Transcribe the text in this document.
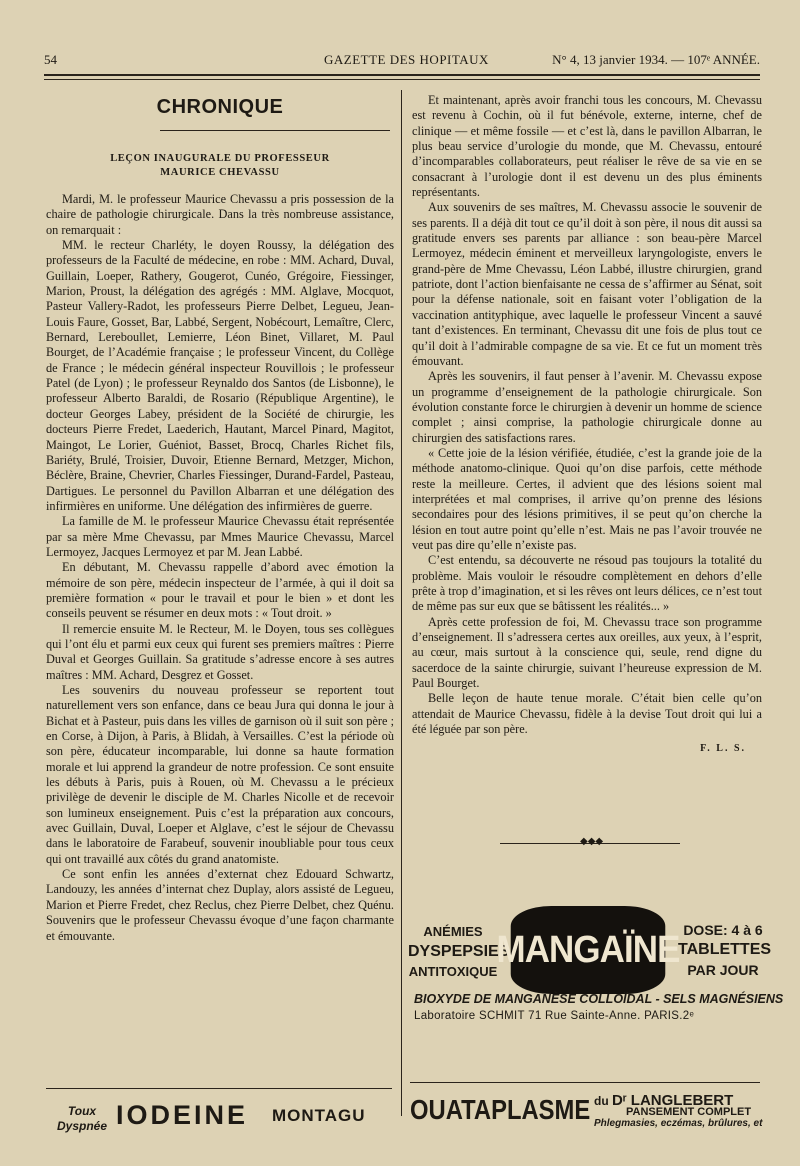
54	GAZETTE DES HOPITAUX	N° 4, 13 janvier 1934. — 107ᵉ ANNÉE.
CHRONIQUE
LEÇON INAUGURALE DU PROFESSEUR
MAURICE CHEVASSU

Mardi, M. le professeur Maurice Chevassu a pris possession de la chaire de pathologie chirurgicale. Dans la très nombreuse assistance, on remarquait :

MM. le recteur Charléty, le doyen Roussy, la délégation des professeurs de la Faculté de médecine, en robe : MM. Achard, Duval, Guillain, Loeper, Rathery, Gougerot, Cunéo, Grégoire, Fiessinger, Marion, Proust, la délégation des agrégés : MM. Alglave, Mocquot, Pasteur Vallery-Radot, les professeurs Pierre Delbet, Legueu, Jean-Louis Faure, Gosset, Bar, Labbé, Sergent, Nobécourt, Lemaître, Clerc, Bernard, Lereboullet, Lemierre, Léon Binet, Villaret, M. Paul Bourget, de l’Académie française ; le professeur Vincent, du Collège de France ; le médecin général inspecteur Rouvillois ; le professeur Patel (de Lyon) ; le professeur Reynaldo dos Santos (de Lisbonne), le professeur Alberto Baraldi, de Rosario (République Argentine), le docteur Georges Labey, président de la Société de chirurgie, les docteurs Pierre Fredet, Laederich, Hautant, Marcel Pinard, Magitot, Maingot, Le Lorier, Guéniot, Basset, Brocq, Charles Richet fils, Bariéty, Brulé, Troisier, Duvoir, Etienne Bernard, Metzger, Michon, Béclère, Braine, Chevrier, Charles Fiessinger, Durand-Fardel, Pasteau, Dartigues. Le personnel du Pavillon Albarran et une délégation des infirmières en uniforme. Une délégation des infirmières de guerre.

La famille de M. le professeur Maurice Chevassu était représentée par sa mère Mme Chevassu, par Mmes Maurice Chevassu, Marcel Lermoyez, Jacques Lermoyez et par M. Jean Labbé.

En débutant, M. Chevassu rappelle d’abord avec émotion la mémoire de son père, médecin inspecteur de l’armée, à qui il doit sa première formation « pour le travail et pour le bien » et dont les conseils peuvent se résumer en deux mots : « Tout droit. »

Il remercie ensuite M. le Recteur, M. le Doyen, tous ses collègues qui l’ont élu et parmi eux ceux qui furent ses premiers maîtres : Pierre Duval et Georges Guillain. Sa gratitude s’adresse encore à ses autres maîtres : MM. Achard, Desgrez et Gosset.

Les souvenirs du nouveau professeur se reportent tout naturellement vers son enfance, dans ce beau Jura qui donna le jour à Bichat et à Pasteur, puis dans les villes de garnison où il suit son père ; en Corse, à Dijon, à Paris, à Blidah, à Versailles. C’est la période où son père, éducateur incomparable, lui donne sa haute formation morale et lui apprend la grandeur de notre profession. Ce sont ensuite les débuts à Paris, puis à Rouen, où M. Chevassu a le précieux privilège de devenir le disciple de M. Charles Nicolle et de recevoir son lumineux enseignement. Puis c’est la préparation aux concours, avec Guillain, Duval, Loeper et Alglave, c’est le séjour de Chevassu dans le laboratoire de Farabeuf, souvenir inoubliable pour tous ceux qui ont travaillé aux côtés du grand anatomiste.

Ce sont enfin les années d’externat chez Edouard Schwartz, Landouzy, les années d’internat chez Duplay, alors assisté de Legueu, Marion et Pierre Fredet, chez Reclus, chez Pierre Delbet, chez Quénu. Souvenirs que le professeur Chevassu évoque d’une façon charmante et émouvante.

Et maintenant, après avoir franchi tous les concours, M. Chevassu est revenu à Cochin, où il fut bénévole, externe, interne, chef de clinique — et même fossile — et c’est là, dans le pavillon Albarran, le plus beau service d’urologie du monde, que M. Chevassu, entouré d’incomparables collaborateurs, peut réaliser le rêve de sa vie en se consacrant à l’urologie dont il est devenu un des plus éminents représentants.

Aux souvenirs de ses maîtres, M. Chevassu associe le souvenir de ses parents. Il a déjà dit tout ce qu’il doit à son père, il nous dit aussi sa gratitude envers ses parents par alliance : son beau-père Marcel Lermoyez, médecin éminent et merveilleux laryngologiste, envers le grand-père de Mme Chevassu, Léon Labbé, illustre chirurgien, grand patriote, dont l’action bienfaisante ne cessa de s’affirmer au Sénat, soit pour la défense nationale, soit en faisant voter l’obligation de la vaccination antityphique, avec laquelle le professeur Vincent a sauvé tant d’existences. En terminant, Chevassu dit une fois de plus tout ce qu’il doit à l’admirable compagne de sa vie. Et ce fut un moment très émouvant.

Après les souvenirs, il faut penser à l’avenir. M. Chevassu expose un programme d’enseignement de la pathologie chirurgicale. Son évolution constante force le chirurgien à devenir un homme de science complet ; ainsi comprise, la pathologie chirurgicale donne au chirurgien des satisfactions rares.

« Cette joie de la lésion vérifiée, étudiée, c’est la grande joie de la méthode anatomo-clinique. Quoi qu’on dise parfois, cette méthode reste la meilleure. Certes, il advient que des lésions soient mal interprétées et mal comprises, il arrive qu’on prenne des lésions secondaires pour des lésions primitives, il se peut qu’on cherche la lésion en tout autre point qu’elle n’est. Mais ne pas l’avoir trouvée ne veut pas dire qu’elle n’existe pas.

C’est entendu, sa découverte ne résoud pas toujours la totalité du problème. Mais vouloir le résoudre complètement en dehors d’elle prête à trop d’imagination, et si les rêves ont leurs délices, ce n’est tout de même pas sur eux que se bâtissent les réalités... »

Après cette profession de foi, M. Chevassu trace son programme d’enseignement. Il s’adressera certes aux oreilles, aux yeux, à l’esprit, au cœur, mais surtout à la conscience qui, seule, rend digne du sacerdoce de la sainte chirurgie, suivant l’heureuse expression de M. Paul Bourget.

Belle leçon de haute tenue morale. C’était bien celle qu’on attendait de Maurice Chevassu, fidèle à la devise Tout droit qui lui a été léguée par son père.

F. L. S.
◆◆◆
ANÉMIES
DYSPEPSIES
ANTITOXIQUE
MANGAÏNE DOSE: 4 à 6
TABLETTES
PAR JOUR
BIOXYDE DE MANGANÈSE COLLOÏDAL - SELS MAGNÉSIENS
Laboratoire SCHMIT 71 Rue Sainte-Anne. PARIS.2ᵉ
Toux
Dyspnée IODEINE MONTAGU OUATAPLASME du Dʳ LANGLEBERT
PANSEMENT COMPLET
Phlegmasies, eczémas, brûlures, et
